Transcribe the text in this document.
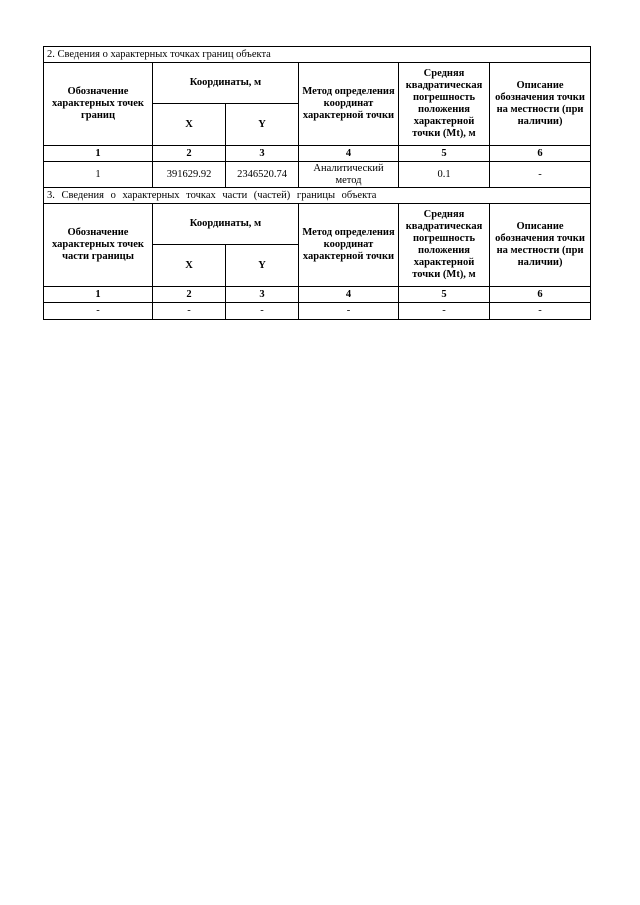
2. Сведения о характерных точках границ объекта					
Обозначение характерных точек границ	Координаты, м		Метод определения координат характерной точки	Средняя квадратическая погрешность положения характерной точки (Mt), м	Описание обозначения точки на местности (при наличии)
	X	Y			
1	2	3	4	5	6
1	391629.92	2346520.74	Аналитический метод	0.1	-
3. Сведения о характерных точках части (частей) границы объекта					
Обозначение характерных точек части границы	Координаты, м		Метод определения координат характерной точки	Средняя квадратическая погрешность положения характерной точки (Mt), м	Описание обозначения точки на местности (при наличии)
	X	Y			
1	2	3	4	5	6
-	-	-	-	-	-
